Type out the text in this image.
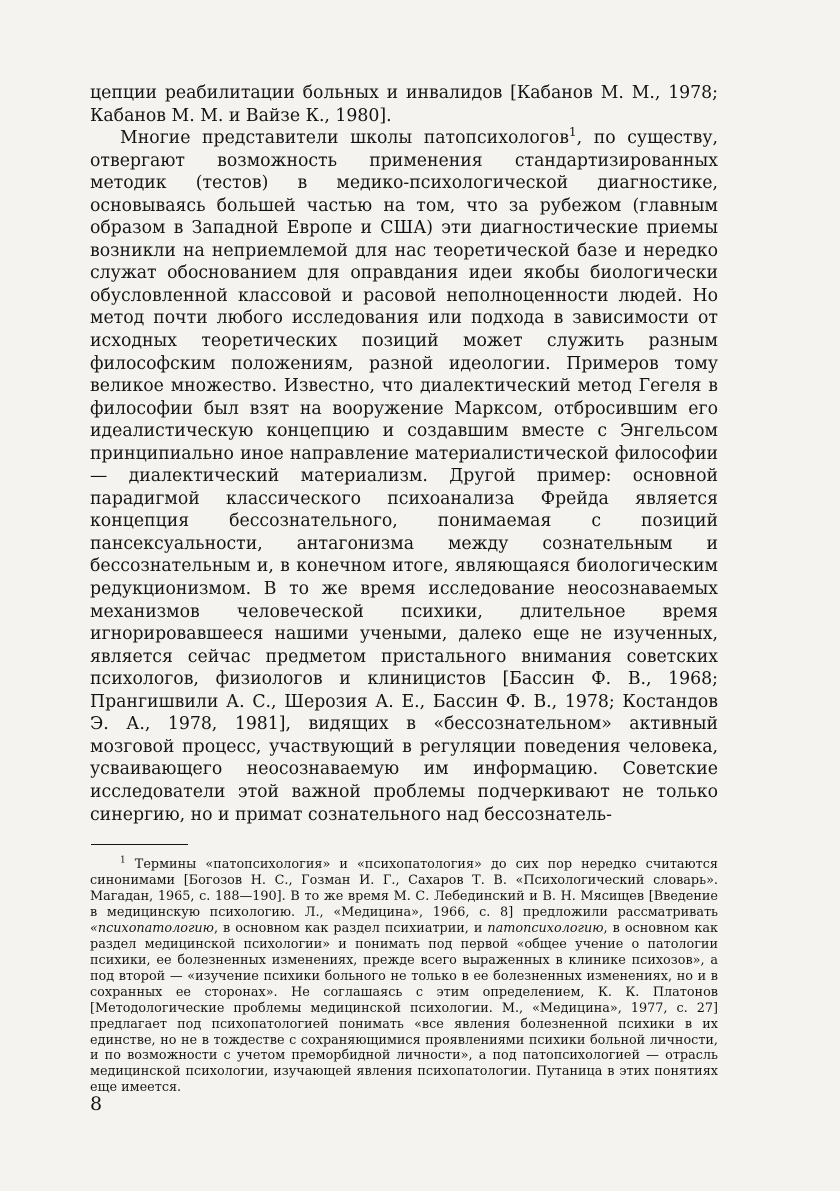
цепции реабилитации больных и инвалидов [Кабанов М. М., 1978; Кабанов М. М. и Вайзе К., 1980].

Многие представители школы патопсихологов$^1$, по существу, отвергают возможность применения стандартизированных методик (тестов) в медико-психологической диагностике, основываясь большей частью на том, что за рубежом (главным образом в Западной Европе и США) эти диагностические приемы возникли на неприемлемой для нас теоретической базе и нередко служат обоснованием для оправдания идеи якобы биологически обусловленной классовой и расовой неполноценности людей. Но метод почти любого исследования или подхода в зависимости от исходных теоретических позиций может служить разным философским положениям, разной идеологии. Примеров тому великое множество. Известно, что диалектический метод Гегеля в философии был взят на вооружение Марксом, отбросившим его идеалистическую концепцию и создавшим вместе с Энгельсом принципиально иное направление материалистической философии — диалектический материализм. Другой пример: основной парадигмой классического психоанализа Фрейда является концепция бессознательного, понимаемая с позиций пансексуальности, антагонизма между сознательным и бессознательным и, в конечном итоге, являющаяся биологическим редукционизмом. В то же время исследование неосознаваемых механизмов человеческой психики, длительное время игнорировавшееся нашими учеными, далеко еще не изученных, является сейчас предметом пристального внимания советских психологов, физиологов и клиницистов [Бассин Ф. В., 1968; Прангишвили А. С., Шерозия А. Е., Бассин Ф. В., 1978; Костандов Э. А., 1978, 1981], видящих в «бессознательном» активный мозговой процесс, участвующий в регуляции поведения человека, усваивающего неосознаваемую им информацию. Советские исследователи этой важной проблемы подчеркивают не только синергию, но и примат сознательного над бессознатель-

$^1$ Термины «патопсихология» и «психопатология» до сих пор нередко считаются синонимами [Богозов Н. С., Гозман И. Г., Сахаров Т. В. «Психологический словарь». Магадан, 1965, с. 188—190]. В то же время М. С. Лебединский и В. Н. Мясищев [Введение в медицинскую психологию. Л., «Медицина», 1966, с. 8] предложили рассматривать «психопатологию, в основном как раздел психиатрии, и патопсихологию, в основном как раздел медицинской психологии» и понимать под первой «общее учение о патологии психики, ее болезненных изменениях, прежде всего выраженных в клинике психозов», а под второй — «изучение психики больного не только в ее болезненных изменениях, но и в сохранных ее сторонах». Не соглашаясь с этим определением, К. К. Платонов [Методологические проблемы медицинской психологии. М., «Медицина», 1977, с. 27] предлагает под психопатологией понимать «все явления болезненной психики в их единстве, но не в тождестве с сохраняющимися проявлениями психики больной личности, и по возможности с учетом преморбидной личности», а под патопсихологией — отрасль медицинской психологии, изучающей явления психопатологии. Путаница в этих понятиях еще имеется.

8
